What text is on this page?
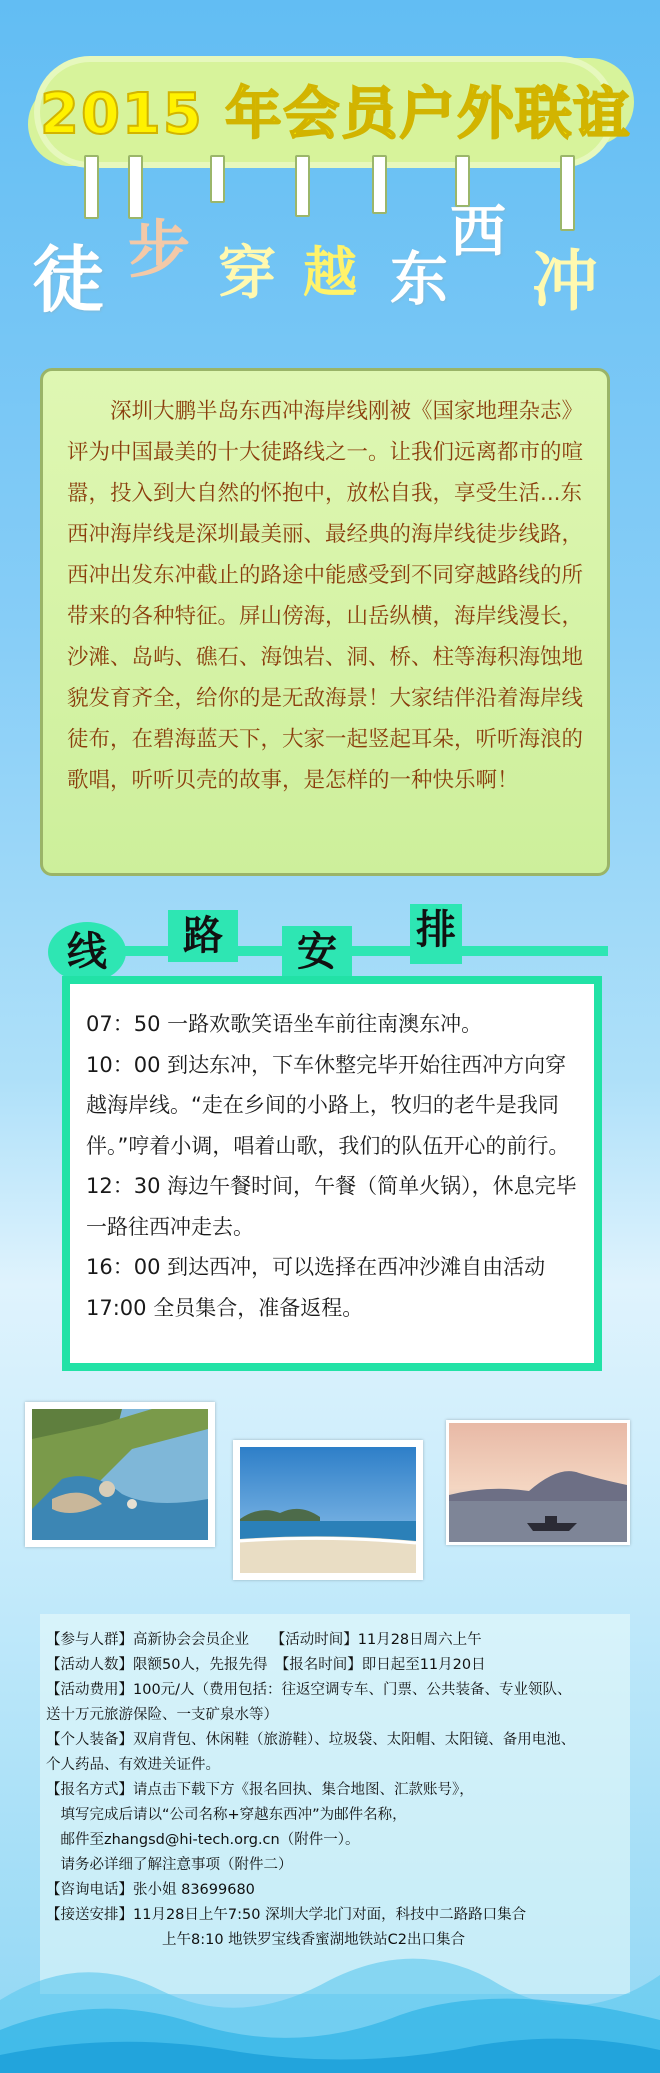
2015 年会员户外联谊
徒 步 穿 越 东
西
冲

深圳大鹏半岛东西冲海岸线刚被《国家地理杂志》评为中国最美的十大徒路线之一。让我们远离都市的喧嚣，投入到大自然的怀抱中，放松自我，享受生活...东西冲海岸线是深圳最美丽、最经典的海岸线徒步线路，西冲出发东冲截止的路途中能感受到不同穿越路线的所带来的各种特征。屏山傍海，山岳纵横，海岸线漫长，沙滩、岛屿、礁石、海蚀岩、洞、桥、柱等海积海蚀地貌发育齐全，给你的是无敌海景！大家结伴沿着海岸线徒布，在碧海蓝天下，大家一起竖起耳朵，听听海浪的歌唱，听听贝壳的故事，是怎样的一种快乐啊！

线	路	安	排

07：50 一路欢歌笑语坐车前往南澳东冲。

10：00 到达东冲，下车休整完毕开始往西冲方向穿越海岸线。“走在乡间的小路上，牧归的老牛是我同伴。”哼着小调，唱着山歌，我们的队伍开心的前行。

12：30 海边午餐时间，午餐（简单火锅），休息完毕一路往西冲走去。

16：00 到达西冲，可以选择在西冲沙滩自由活动

17:00 全员集合，准备返程。

【参与人群】高新协会会员企业　　【活动时间】11月28日周六上午
【活动人数】限额50人，先报先得　【报名时间】即日起至11月20日
【活动费用】100元/人（费用包括：往返空调专车、门票、公共装备、专业领队、
送十万元旅游保险、一支矿泉水等）
【个人装备】双肩背包、休闲鞋（旅游鞋）、垃圾袋、太阳帽、太阳镜、备用电池、
个人药品、有效进关证件。
【报名方式】请点击下载下方《报名回执、集合地图、汇款账号》，
　填写完成后请以“公司名称+穿越东西冲”为邮件名称，
　邮件至zhangsd@hi-tech.org.cn（附件一）。
　请务必详细了解注意事项（附件二）
【咨询电话】张小姐 83699680
【接送安排】11月28日上午7:50 深圳大学北门对面，科技中二路路口集合
　　　　　　　　上午8:10 地铁罗宝线香蜜湖地铁站C2出口集合
